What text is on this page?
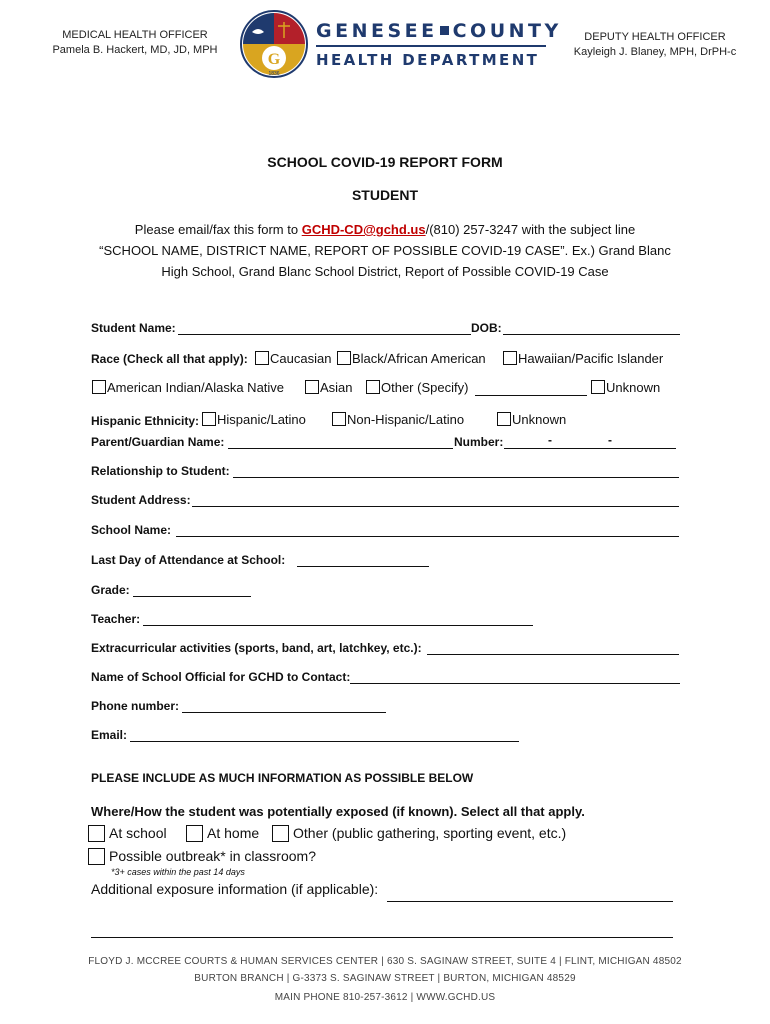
MEDICAL HEALTH OFFICER
Pamela B. Hackert, MD, JD, MPH
G
1836
GENESEE COUNTY
HEALTH DEPARTMENT
DEPUTY HEALTH OFFICER
Kayleigh J. Blaney, MPH, DrPH-c
SCHOOL COVID-19 REPORT FORM
STUDENT
Please email/fax this form to GCHD-CD@gchd.us/(810) 257-3247 with the subject line
“SCHOOL NAME, DISTRICT NAME, REPORT OF POSSIBLE COVID-19 CASE”. Ex.) Grand Blanc
High School, Grand Blanc School District, Report of Possible COVID-19 Case
Student Name:	DOB:
Race (Check all that apply):	Caucasian	Black/African American	Hawaiian/Pacific Islander
American Indian/Alaska Native	Asian	Other (Specify)	Unknown
Hispanic Ethnicity:	Hispanic/Latino	Non-Hispanic/Latino	Unknown
Parent/Guardian Name:	Number:	-	-
Relationship to Student:
Student Address:
School Name:
Last Day of Attendance at School:
Grade:
Teacher:
Extracurricular activities (sports, band, art, latchkey, etc.):
Name of School Official for GCHD to Contact:
Phone number:
Email:
PLEASE INCLUDE AS MUCH INFORMATION AS POSSIBLE BELOW
Where/How the student was potentially exposed (if known). Select all that apply.
At school	At home	Other (public gathering, sporting event, etc.)
Possible outbreak* in classroom?
*3+ cases within the past 14 days
Additional exposure information (if applicable):
FLOYD J. MCCREE COURTS & HUMAN SERVICES CENTER | 630 S. SAGINAW STREET, SUITE 4 | FLINT, MICHIGAN 48502
BURTON BRANCH | G-3373 S. SAGINAW STREET | BURTON, MICHIGAN 48529
MAIN PHONE 810-257-3612 | WWW.GCHD.US
